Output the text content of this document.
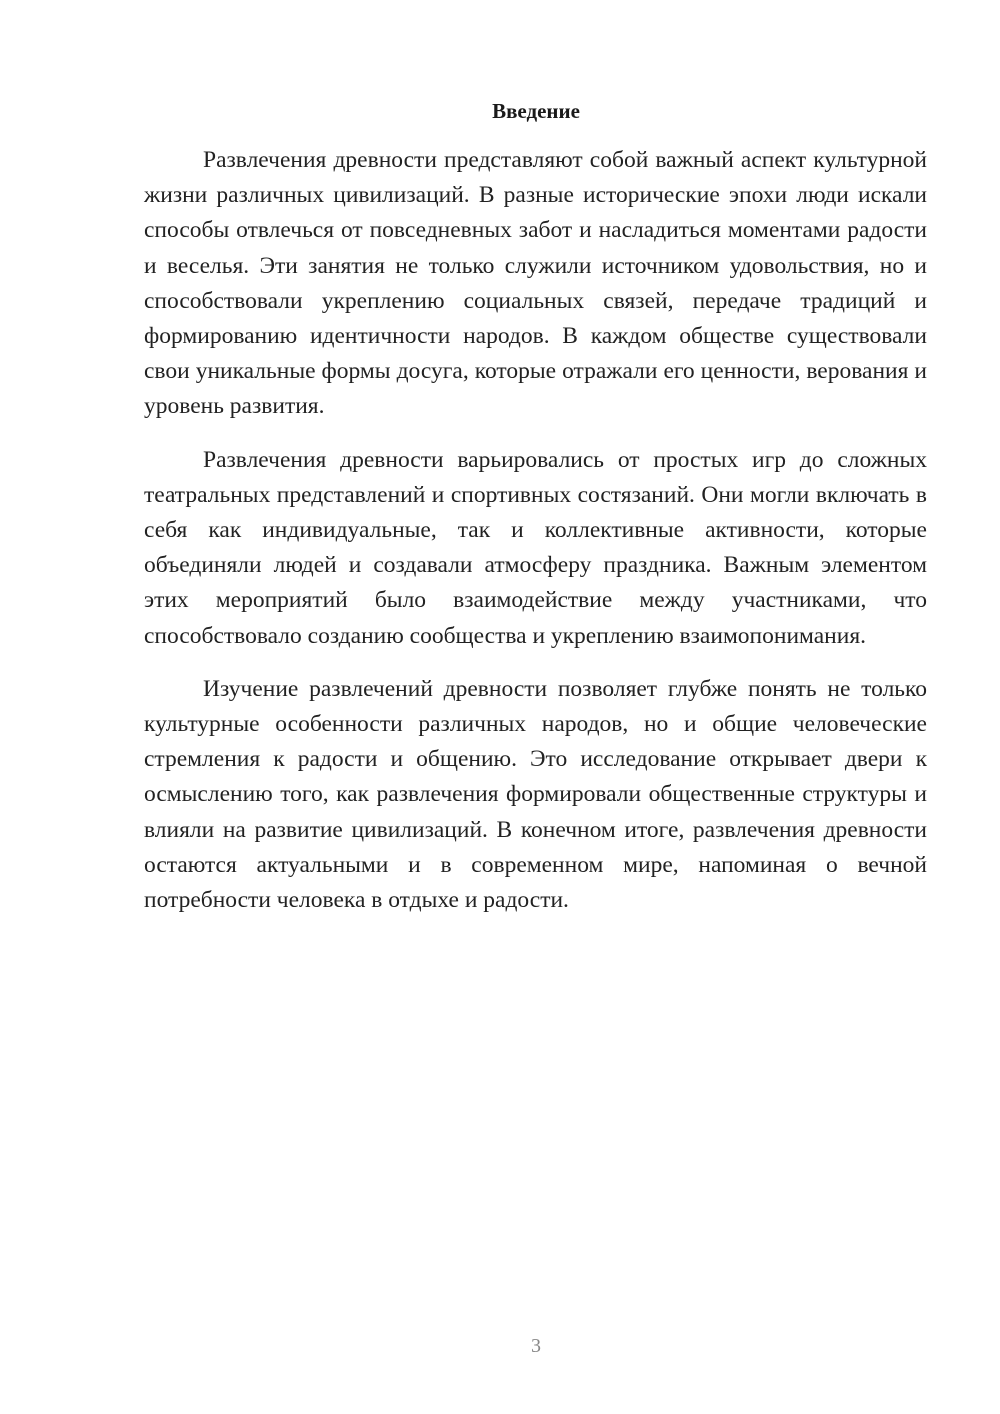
Введение

Развлечения древности представляют собой важный аспект культурной жизни различных цивилизаций. В разные исторические эпохи люди искали способы отвлечься от повседневных забот и насладиться моментами радости и веселья. Эти занятия не только служили источником удовольствия, но и способствовали укреплению социальных связей, передаче традиций и формированию идентичности народов. В каждом обществе существовали свои уникальные формы досуга, которые отражали его ценности, верования и уровень развития.

Развлечения древности варьировались от простых игр до сложных театральных представлений и спортивных состязаний. Они могли включать в себя как индивидуальные, так и коллективные активности, которые объединяли людей и создавали атмосферу праздника. Важным элементом этих мероприятий было взаимодействие между участниками, что способствовало созданию сообщества и укреплению взаимопонимания.

Изучение развлечений древности позволяет глубже понять не только культурные особенности различных народов, но и общие человеческие стремления к радости и общению. Это исследование открывает двери к осмыслению того, как развлечения формировали общественные структуры и влияли на развитие цивилизаций. В конечном итоге, развлечения древности остаются актуальными и в современном мире, напоминая о вечной потребности человека в отдыхе и радости.

3
